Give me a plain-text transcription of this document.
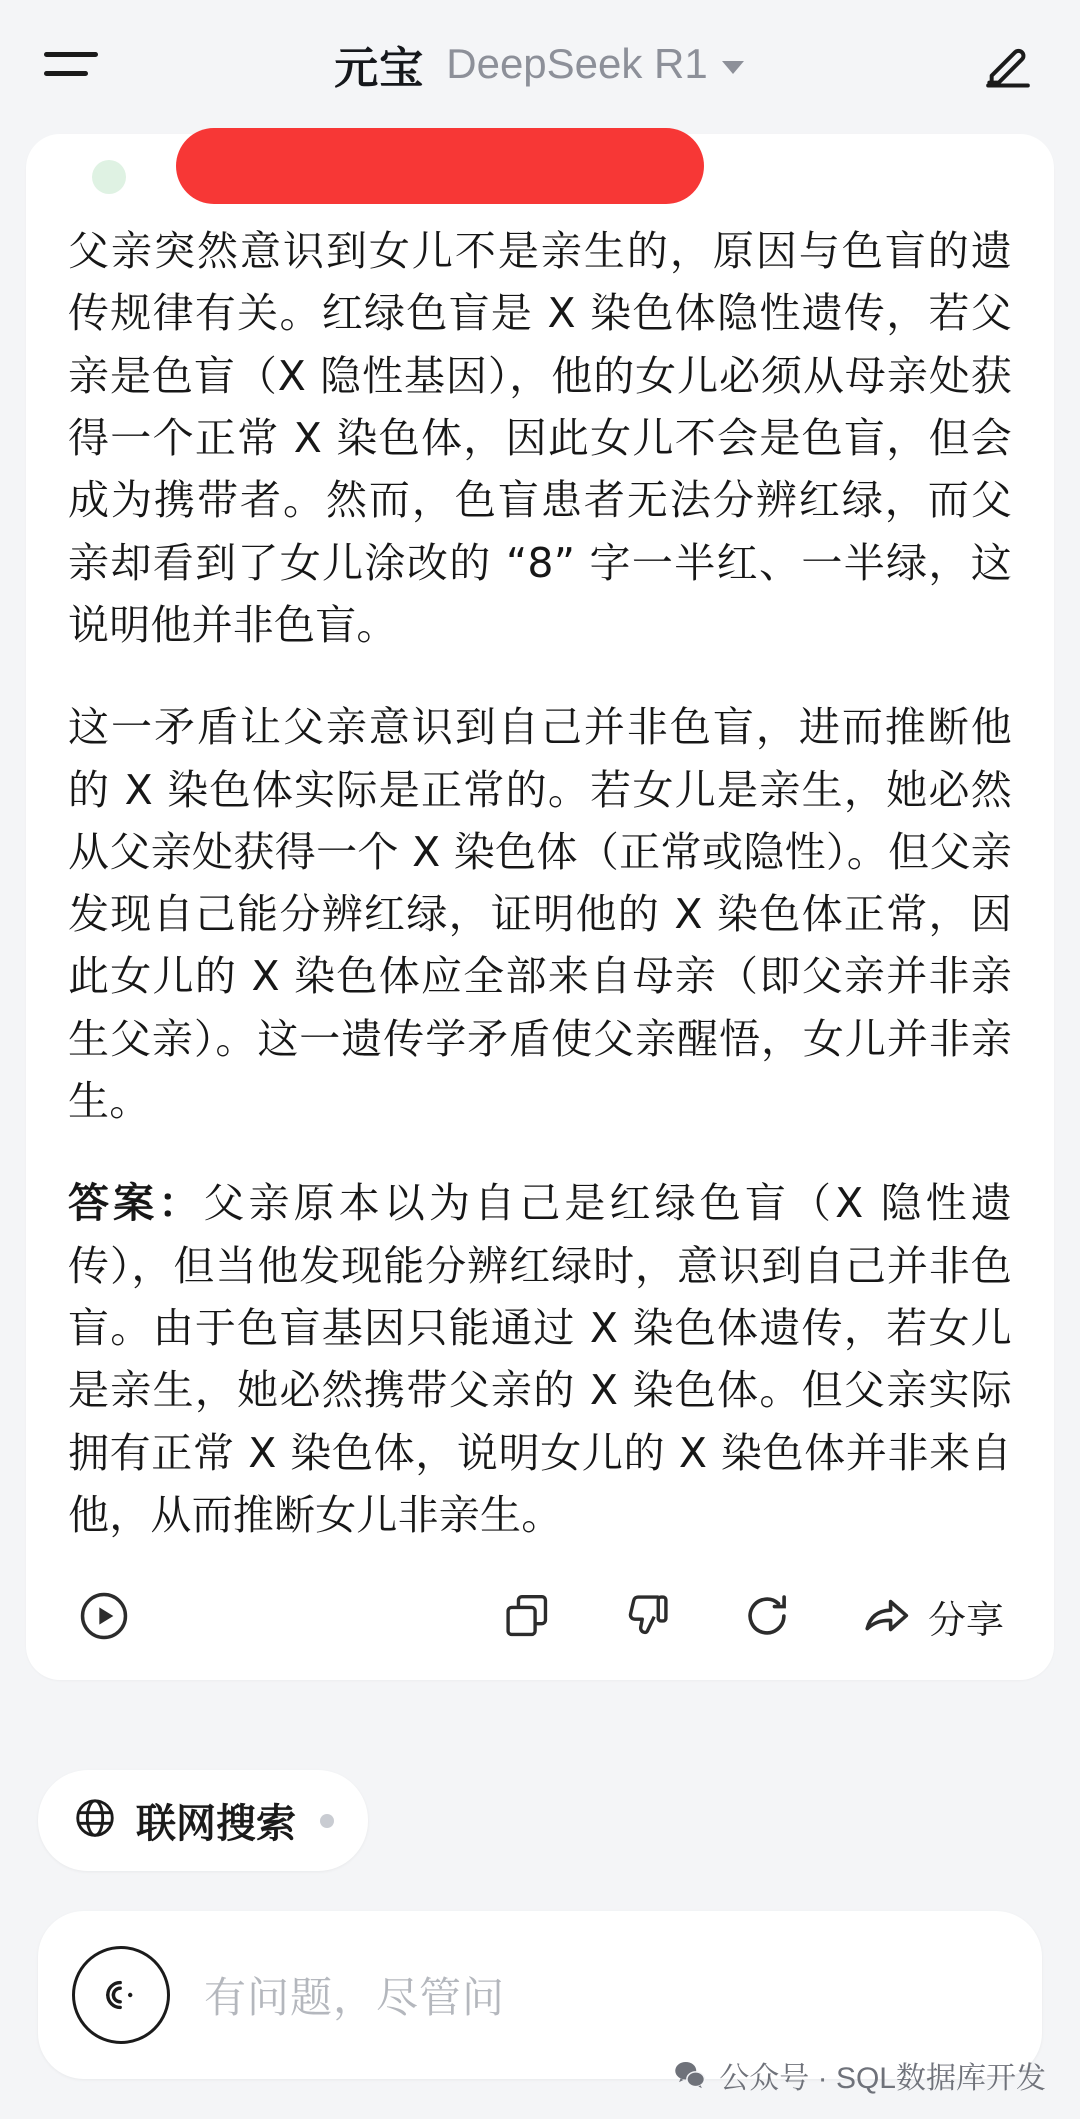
元宝 DeepSeek R1

父亲突然意识到女儿不是亲生的，原因与色盲的遗传规律有关。红绿色盲是 X 染色体隐性遗传，若父亲是色盲（X 隐性基因），他的女儿必须从母亲处获得一个正常 X 染色体，因此女儿不会是色盲，但会成为携带者。然而，色盲患者无法分辨红绿，而父亲却看到了女儿涂改的 “8” 字一半红、一半绿，这说明他并非色盲。

这一矛盾让父亲意识到自己并非色盲，进而推断他的 X 染色体实际是正常的。若女儿是亲生，她必然从父亲处获得一个 X 染色体（正常或隐性）。但父亲发现自己能分辨红绿，证明他的 X 染色体正常，因此女儿的 X 染色体应全部来自母亲（即父亲并非亲生父亲）。这一遗传学矛盾使父亲醒悟，女儿并非亲生。

答案：父亲原本以为自己是红绿色盲（X 隐性遗传），但当他发现能分辨红绿时，意识到自己并非色盲。由于色盲基因只能通过 X 染色体遗传，若女儿是亲生，她必然携带父亲的 X 染色体。但父亲实际拥有正常 X 染色体，说明女儿的 X 染色体并非来自他，从而推断女儿非亲生。

分享
联网搜索
有问题，尽管问
公众号 · SQL数据库开发
